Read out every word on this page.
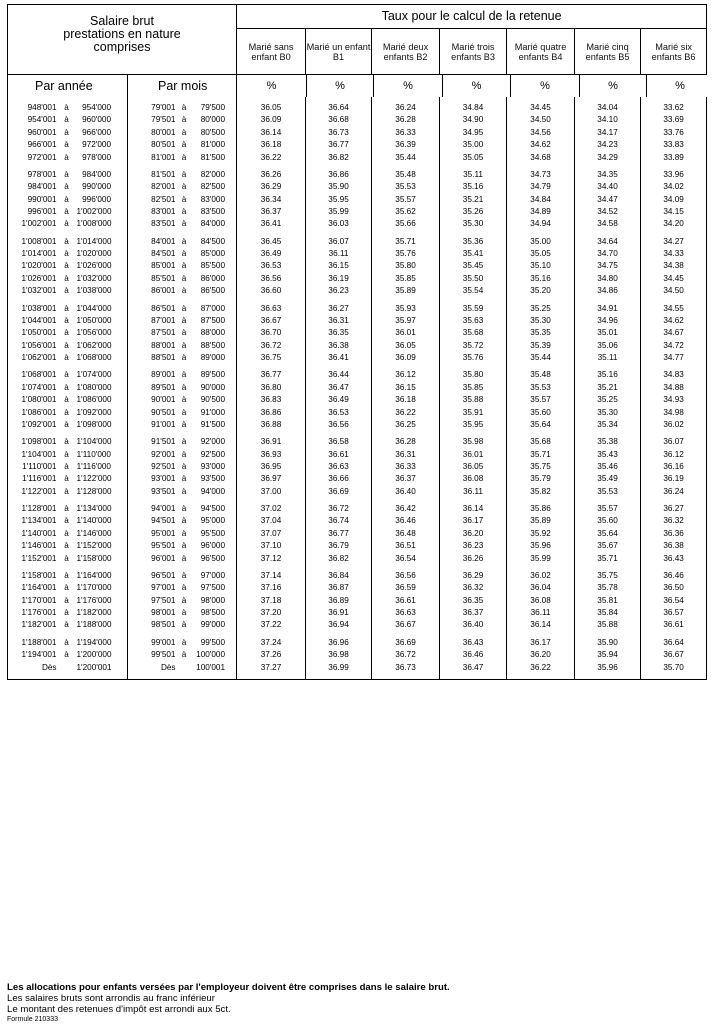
Salaire brut
prestations en nature
comprises
	Taux pour le calcul de la retenue
Marié sans enfant B0	Marié un enfant B1	Marié deux enfants B2	Marié trois enfants B3	Marié quatre enfants B4	Marié cinq enfants B5	Marié six enfants B6
Par année	Par mois		%	%	%	%	%	%	%

948'001	à	954'000	79'001	à	79'500	36.05	36.64	36.24	34.84	34.45	34.04	33.62
954'001	à	960'000	79'501	à	80'000	36.09	36.68	36.28	34.90	34.50	34.10	33.69
960'001	à	966'000	80'001	à	80'500	36.14	36.73	36.33	34.95	34.56	34.17	33.76
966'001	à	972'000	80'501	à	81'000	36.18	36.77	36.39	35.00	34.62	34.23	33.83
972'001	à	978'000	81'001	à	81'500	36.22	36.82	35.44	35.05	34.68	34.29	33.89

978'001	à	984'000	81'501	à	82'000	36.26	36.86	35.48	35.11	34.73	34.35	33.96
984'001	à	990'000	82'001	à	82'500	36.29	35.90	35.53	35.16	34.79	34.40	34.02
990'001	à	996'000	82'501	à	83'000	36.34	35.95	35.57	35.21	34.84	34.47	34.09
996'001	à	1'002'000	83'001	à	83'500	36.37	35.99	35.62	35.26	34.89	34.52	34.15
1'002'001	à	1'008'000	83'501	à	84'000	36.41	36.03	35.66	35.30	34.94	34.58	34.20

1'008'001	à	1'014'000	84'001	à	84'500	36.45	36.07	35.71	35.36	35.00	34.64	34.27
1'014'001	à	1'020'000	84'501	à	85'000	36.49	36.11	35.76	35.41	35.05	34.70	34.33
1'020'001	à	1'026'000	85'001	à	85'500	36.53	36.15	35.80	35.45	35.10	34.75	34.38
1'026'001	à	1'032'000	85'501	à	86'000	36.56	36.19	35.85	35.50	35.16	34.80	34.45
1'032'001	à	1'038'000	86'001	à	86'500	36.60	36.23	35.89	35.54	35.20	34.86	34.50

1'038'001	à	1'044'000	86'501	à	87'000	36.63	36.27	35.93	35.59	35.25	34.91	34.55
1'044'001	à	1'050'000	87'001	à	87'500	36.67	36.31	35.97	35.63	35.30	34.96	34.62
1'050'001	à	1'056'000	87'501	à	88'000	36.70	36.35	36.01	35.68	35.35	35.01	34.67
1'056'001	à	1'062'000	88'001	à	88'500	36.72	36.38	36.05	35.72	35.39	35.06	34.72
1'062'001	à	1'068'000	88'501	à	89'000	36.75	36.41	36.09	35.76	35.44	35.11	34.77

1'068'001	à	1'074'000	89'001	à	89'500	36.77	36.44	36.12	35.80	35.48	35.16	34.83
1'074'001	à	1'080'000	89'501	à	90'000	36.80	36.47	36.15	35.85	35.53	35.21	34.88
1'080'001	à	1'086'000	90'001	à	90'500	36.83	36.49	36.18	35.88	35.57	35.25	34.93
1'086'001	à	1'092'000	90'501	à	91'000	36.86	36.53	36.22	35.91	35.60	35.30	34.98
1'092'001	à	1'098'000	91'001	à	91'500	36.88	36.56	36.25	35.95	35.64	35.34	36.02

1'098'001	à	1'104'000	91'501	à	92'000	36.91	36.58	36.28	35.98	35.68	35.38	36.07
1'104'001	à	1'110'000	92'001	à	92'500	36.93	36.61	36.31	36.01	35.71	35.43	36.12
1'110'001	à	1'116'000	92'501	à	93'000	36.95	36.63	36.33	36.05	35.75	35.46	36.16
1'116'001	à	1'122'000	93'001	à	93'500	36.97	36.66	36.37	36.08	35.79	35.49	36.19
1'122'001	à	1'128'000	93'501	à	94'000	37.00	36.69	36.40	36.11	35.82	35.53	36.24

1'128'001	à	1'134'000	94'001	à	94'500	37.02	36.72	36.42	36.14	35.86	35.57	36.27
1'134'001	à	1'140'000	94'501	à	95'000	37.04	36.74	36.46	36.17	35.89	35.60	36.32
1'140'001	à	1'146'000	95'001	à	95'500	37.07	36.77	36.48	36.20	35.92	35.64	36.36
1'146'001	à	1'152'000	95'501	à	96'000	37.10	36.79	36.51	36.23	35.96	35.67	36.38
1'152'001	à	1'158'000	96'001	à	96'500	37.12	36.82	36.54	36.26	35.99	35.71	36.43

1'158'001	à	1'164'000	96'501	à	97'000	37.14	36.84	36.56	36.29	36.02	35.75	36.46
1'164'001	à	1'170'000	97'001	à	97'500	37.16	36.87	36.59	36.32	36.04	35.78	36.50
1'170'001	à	1'176'000	97'501	à	98'000	37.18	36.89	36.61	36.35	36.08	35.81	36.54
1'176'001	à	1'182'000	98'001	à	98'500	37.20	36.91	36.63	36.37	36.11	35.84	36.57
1'182'001	à	1'188'000	98'501	à	99'000	37.22	36.94	36.67	36.40	36.14	35.88	36.61

1'188'001	à	1'194'000	99'001	à	99'500	37.24	36.96	36.69	36.43	36.17	35.90	36.64
1'194'001	à	1'200'000	99'501	à	100'000	37.26	36.98	36.72	36.46	36.20	35.94	36.67
Dès		1'200'001	Dès		100'001	37.27	36.99	36.73	36.47	36.22	35.96	35.70

Les allocations pour enfants versées par l'employeur doivent être comprises dans le salaire brut.
Les salaires bruts sont arrondis au franc inférieur
Le montant des retenues d'impôt est arrondi aux 5ct.
Formule 210333
